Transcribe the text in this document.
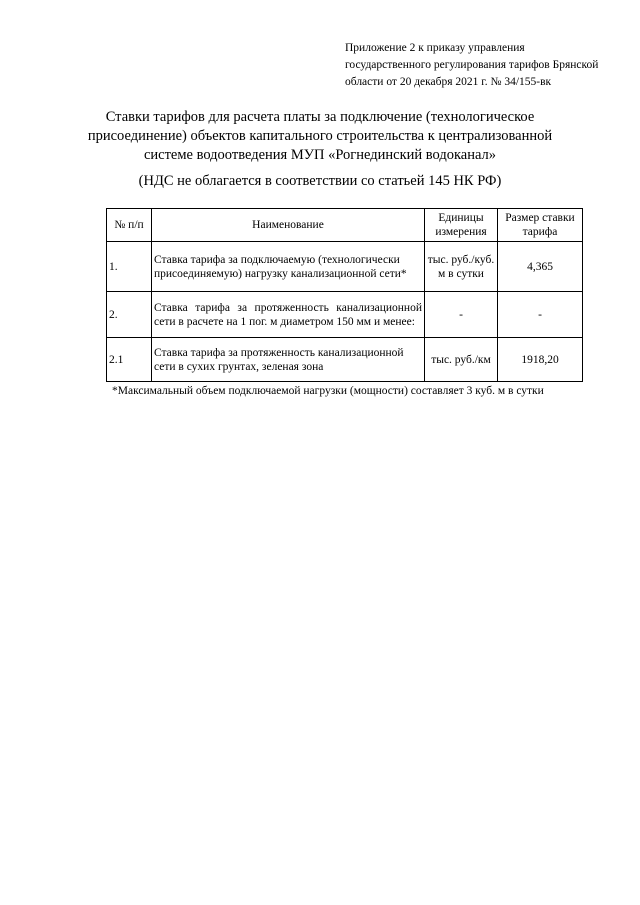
Приложение 2 к приказу управления
государственного регулирования тарифов Брянской
области от 20 декабря 2021 г. № 34/155-вк
Ставки тарифов для расчета платы за подключение (технологическое
присоединение) объектов капитального строительства к централизованной
системе водоотведения МУП «Рогнединский водоканал»
(НДС не облагается в соответствии со статьей 145 НК РФ)
№ п/п	Наименование	Единицы измерения	Размер ставки тарифа
1.	Ставка тарифа за подключаемую (технологически присоединяемую) нагрузку канализационной сети*	тыс. руб./куб. м в сутки	4,365
2.	Ставка тарифа за протяженность канализационной сети в расчете на 1 пог. м диаметром 150 мм и менее:	-	-
2.1	Ставка тарифа за протяженность канализационной сети в сухих грунтах, зеленая зона	тыс. руб./км	1918,20
*Максимальный объем подключаемой нагрузки (мощности) составляет 3 куб. м в сутки
